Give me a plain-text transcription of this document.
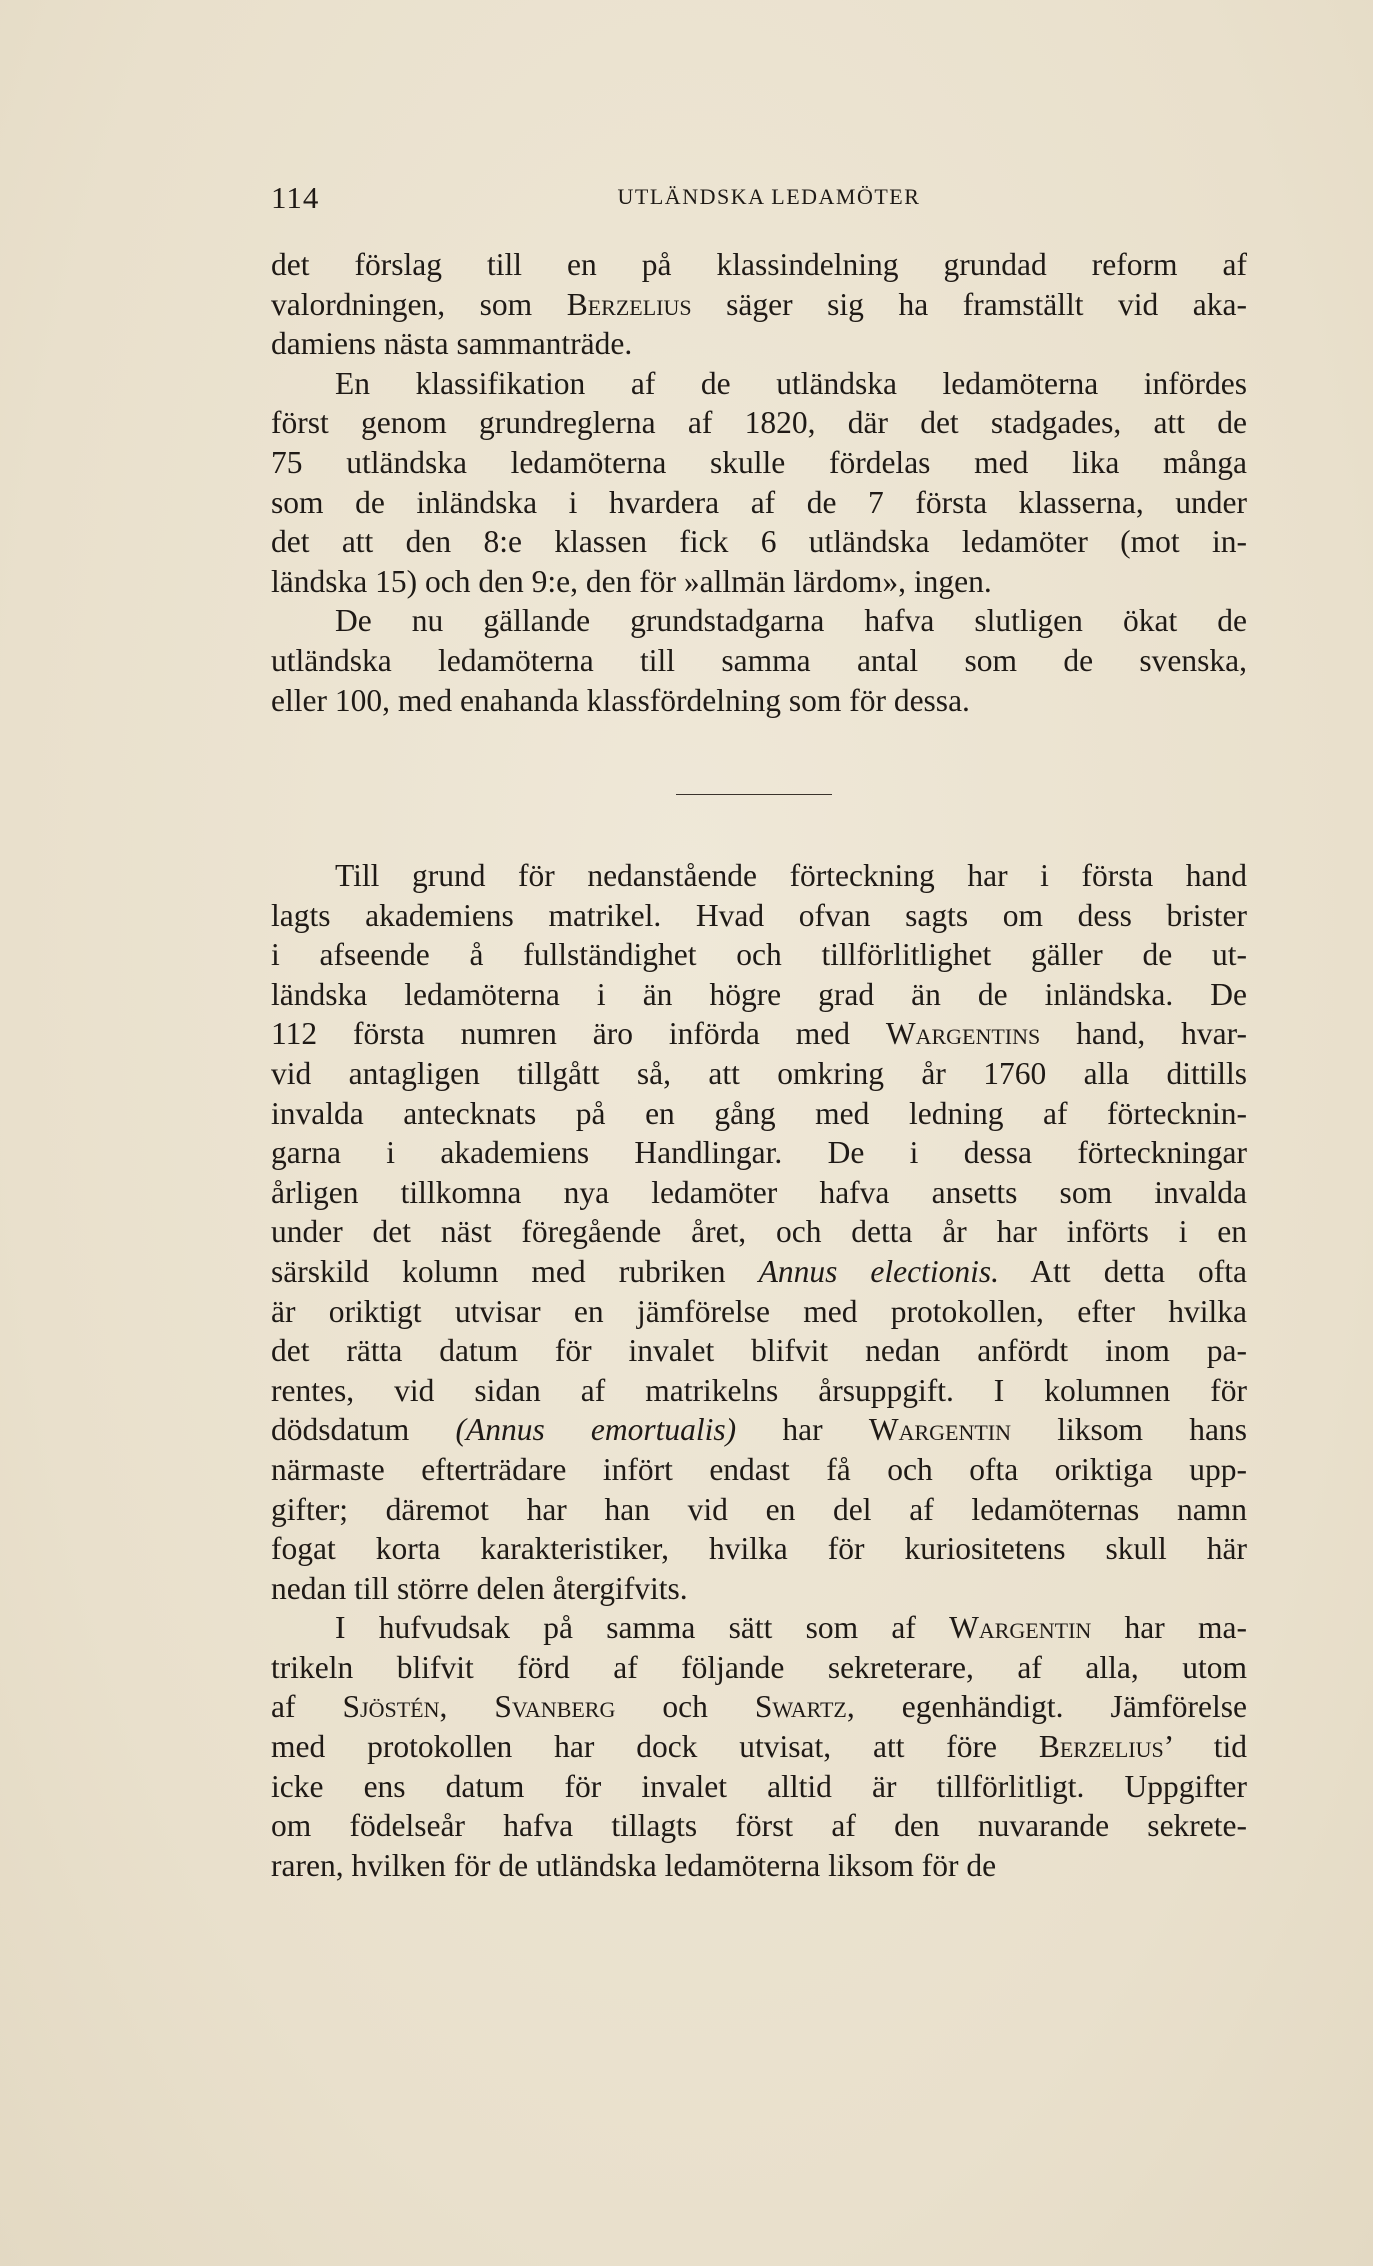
114	UTLÄNDSKA LEDAMÖTER
det förslag till en på klassindelning grundad reform af
valordningen, som Berzelius säger sig ha framställt vid aka-
damiens nästa sammanträde.
En klassifikation af de utländska ledamöterna infördes
först genom grundreglerna af 1820, där det stadgades, att de
75 utländska ledamöterna skulle fördelas med lika många
som de inländska i hvardera af de 7 första klasserna, under
det att den 8:e klassen fick 6 utländska ledamöter (mot in-
ländska 15) och den 9:e, den för »allmän lärdom», ingen.
De nu gällande grundstadgarna hafva slutligen ökat de
utländska ledamöterna till samma antal som de svenska,
eller 100, med enahanda klassfördelning som för dessa.
Till grund för nedanstående förteckning har i första hand
lagts akademiens matrikel. Hvad ofvan sagts om dess brister
i afseende å fullständighet och tillförlitlighet gäller de ut-
ländska ledamöterna i än högre grad än de inländska. De
112 första numren äro införda med Wargentins hand, hvar-
vid antagligen tillgått så, att omkring år 1760 alla dittills
invalda antecknats på en gång med ledning af förtecknin-
garna i akademiens Handlingar. De i dessa förteckningar
årligen tillkomna nya ledamöter hafva ansetts som invalda
under det näst föregående året, och detta år har införts i en
särskild kolumn med rubriken Annus electionis. Att detta ofta
är oriktigt utvisar en jämförelse med protokollen, efter hvilka
det rätta datum för invalet blifvit nedan anfördt inom pa-
rentes, vid sidan af matrikelns årsuppgift. I kolumnen för
dödsdatum (Annus emortualis) har Wargentin liksom hans
närmaste efterträdare infört endast få och ofta oriktiga upp-
gifter; däremot har han vid en del af ledamöternas namn
fogat korta karakteristiker, hvilka för kuriositetens skull här
nedan till större delen återgifvits.
I hufvudsak på samma sätt som af Wargentin har ma-
trikeln blifvit förd af följande sekreterare, af alla, utom
af Sjöstén, Svanberg och Swartz, egenhändigt. Jämförelse
med protokollen har dock utvisat, att före Berzelius’ tid
icke ens datum för invalet alltid är tillförlitligt. Uppgifter
om födelseår hafva tillagts först af den nuvarande sekrete-
raren, hvilken för de utländska ledamöterna liksom för de
